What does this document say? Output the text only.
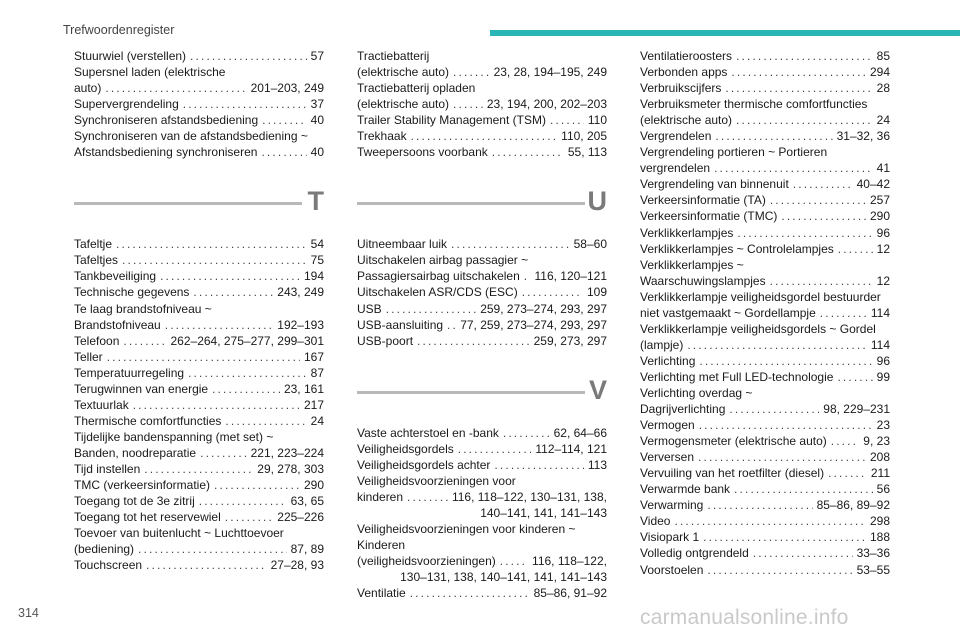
Trefwoordenregister
Stuurwiel (verstellen) . . .	57
Supersnel laden (elektrische
auto) . . .	201–203, 249
Supervergrendeling . . .	37
Synchroniseren afstandsbediening . . .	40
Synchroniseren van de afstandsbediening ~
Afstandsbediening synchroniseren . . .	40
T
Tafeltje . . .	54
Tafeltjes . . .	75
Tankbeveiliging . . .	194
Technische gegevens . . .	243, 249
Te laag brandstofniveau ~
Brandstofniveau . . .	192–193
Telefoon . . .	262–264, 275–277, 299–301
Teller . . .	167
Temperatuurregeling . . .	87
Terugwinnen van energie . . .	23, 161
Textuurlak . . .	217
Thermische comfortfuncties . . .	24
Tijdelijke bandenspanning (met set) ~
Banden, noodreparatie . . .	221, 223–224
Tijd instellen . . .	29, 278, 303
TMC (verkeersinformatie) . . .	290
Toegang tot de 3e zitrij . . .	63, 65
Toegang tot het reservewiel . . .	225–226
Toevoer van buitenlucht ~ Luchttoevoer
(bediening) . . .	87, 89
Touchscreen . . .	27–28, 93
Tractiebatterij
(elektrische auto) . . .	23, 28, 194–195, 249
Tractiebatterij opladen
(elektrische auto) . . .	23, 194, 200, 202–203
Trailer Stability Management (TSM) . . .	110
Trekhaak . . .	110, 205
Tweepersoons voorbank . . .	55, 113
U
Uitneembaar luik . . .	58–60
Uitschakelen airbag passagier ~
Passagiersairbag uitschakelen . . . 116, 120–121
Uitschakelen ASR/CDS (ESC) . . .	109
USB . . .	259, 273–274, 293, 297
USB-aansluiting . . . 77, 259, 273–274, 293, 297
USB-poort . . .	259, 273, 297
V
Vaste achterstoel en -bank . . .	62, 64–66
Veiligheidsgordels . . .	112–114, 121
Veiligheidsgordels achter . . .	113
Veiligheidsvoorzieningen voor
kinderen . . .	116, 118–122, 130–131, 138,
140–141, 141, 141–143
Veiligheidsvoorzieningen voor kinderen ~
Kinderen
(veiligheidsvoorzieningen) . . .	116, 118–122,
130–131, 138, 140–141, 141, 141–143
Ventilatie . . .	85–86, 91–92
Ventilatieroosters . . .	85
Verbonden apps . . .	294
Verbruikscijfers . . .	28
Verbruiksmeter thermische comfortfuncties
(elektrische auto) . . .	24
Vergrendelen . . .	31–32, 36
Vergrendeling portieren ~ Portieren
vergrendelen . . .	41
Vergrendeling van binnenuit . . .	40–42
Verkeersinformatie (TA) . . .	257
Verkeersinformatie (TMC) . . .	290
Verklikkerlampjes . . .	96
Verklikkerlampjes ~ Controlelampjes . . .	12
Verklikkerlampjes ~
Waarschuwingslampjes . . .	12
Verklikkerlampje veiligheidsgordel bestuurder
niet vastgemaakt ~ Gordellampje . . .	114
Verklikkerlampje veiligheidsgordels ~ Gordel
(lampje) . . .	114
Verlichting . . .	96
Verlichting met Full LED-technologie . . .	99
Verlichting overdag ~
Dagrijverlichting . . .	98, 229–231
Vermogen . . .	23
Vermogensmeter (elektrische auto) . . .	9, 23
Verversen . . .	208
Vervuiling van het roetfilter (diesel) . . .	211
Verwarmde bank . . .	56
Verwarming . . .	85–86, 89–92
Video . . .	298
Visiopark 1 . . .	188
Volledig ontgrendeld . . .	33–36
Voorstoelen . . .	53–55
314	carmanualsonline.info
